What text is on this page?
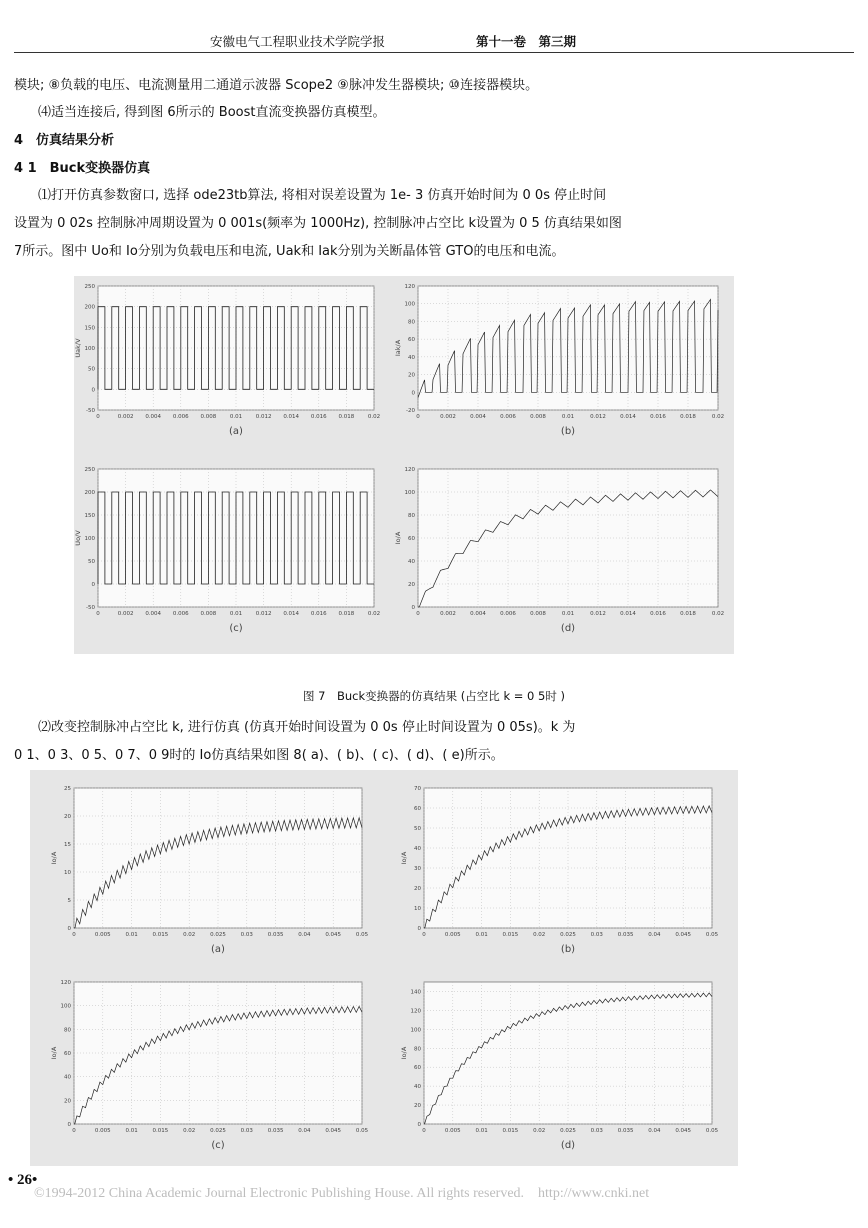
安徽电气工程职业技术学院学报	第十一卷　第三期
模块; ⑧负载的电压、电流测量用二通道示波器 Scope2 ⑨脉冲发生器模块; ⑩连接器模块。
⑷适当连接后, 得到图 6所示的 Boost直流变换器仿真模型。
4　仿真结果分析
4 1　Buck变换器仿真
⑴打开仿真参数窗口, 选择 ode23tb算法, 将相对误差设置为 1e- 3 仿真开始时间为 0 0s 停止时间
设置为 0 02s 控制脉冲周期设置为 0 001s(频率为 1000Hz), 控制脉冲占空比 k设置为 0 5 仿真结果如图
7所示。图中 Uo和 Io分别为负载电压和电流, Uak和 Iak分别为关断晶体管 GTO的电压和电流。
-50
0
50
100
150
200
250
0	0.002 0.004 0.006 0.008 0.01 0.012 0.014 0.016 0.018 0.02
Uak/V
(a)
-20
0
20
40
60
80
100
120
0	0.002	0.004	0.006	0.008	0.01	0.012	0.014	0.016	0.018	0.02
Iak/A
(b)
-50
0
50
100
150
200
250
0	0.002 0.004 0.006 0.008 0.01 0.012 0.014 0.016 0.018 0.02
Uo/V
(c)
0
20
40
60
80
100
120
0	0.002	0.004	0.006	0.008	0.01	0.012	0.014	0.016	0.018	0.02
Io/A
(d)
图 7　Buck变换器的仿真结果 (占空比 k = 0 5时 )
⑵改变控制脉冲占空比 k, 进行仿真 (仿真开始时间设置为 0 0s 停止时间设置为 0 05s)。k 为
0 1、0 3、0 5、0 7、0 9时的 Io仿真结果如图 8( a)、( b)、( c)、( d)、( e)所示。
0
5
10
15
20
25
0	0.005	0.01	0.015	0.02	0.025	0.03	0.035	0.04	0.045	0.05
Io/A
(a)
0
10
20
30
40
50
60
70
0	0.005	0.01	0.015	0.02	0.025	0.03	0.035	0.04	0.045	0.05
Io/A
(b)
0
20
40
60
80
100
120
0	0.005	0.01	0.015	0.02	0.025	0.03	0.035	0.04	0.045	0.05
Io/A
(c)
0
20
40
60
80
100
120
140
0	0.005	0.01	0.015	0.02	0.025	0.03	0.035	0.04	0.045	0.05
Io/A
(d)
• 26•
©1994-2012 China Academic Journal Electronic Publishing House. All rights reserved.　http://www.cnki.net
